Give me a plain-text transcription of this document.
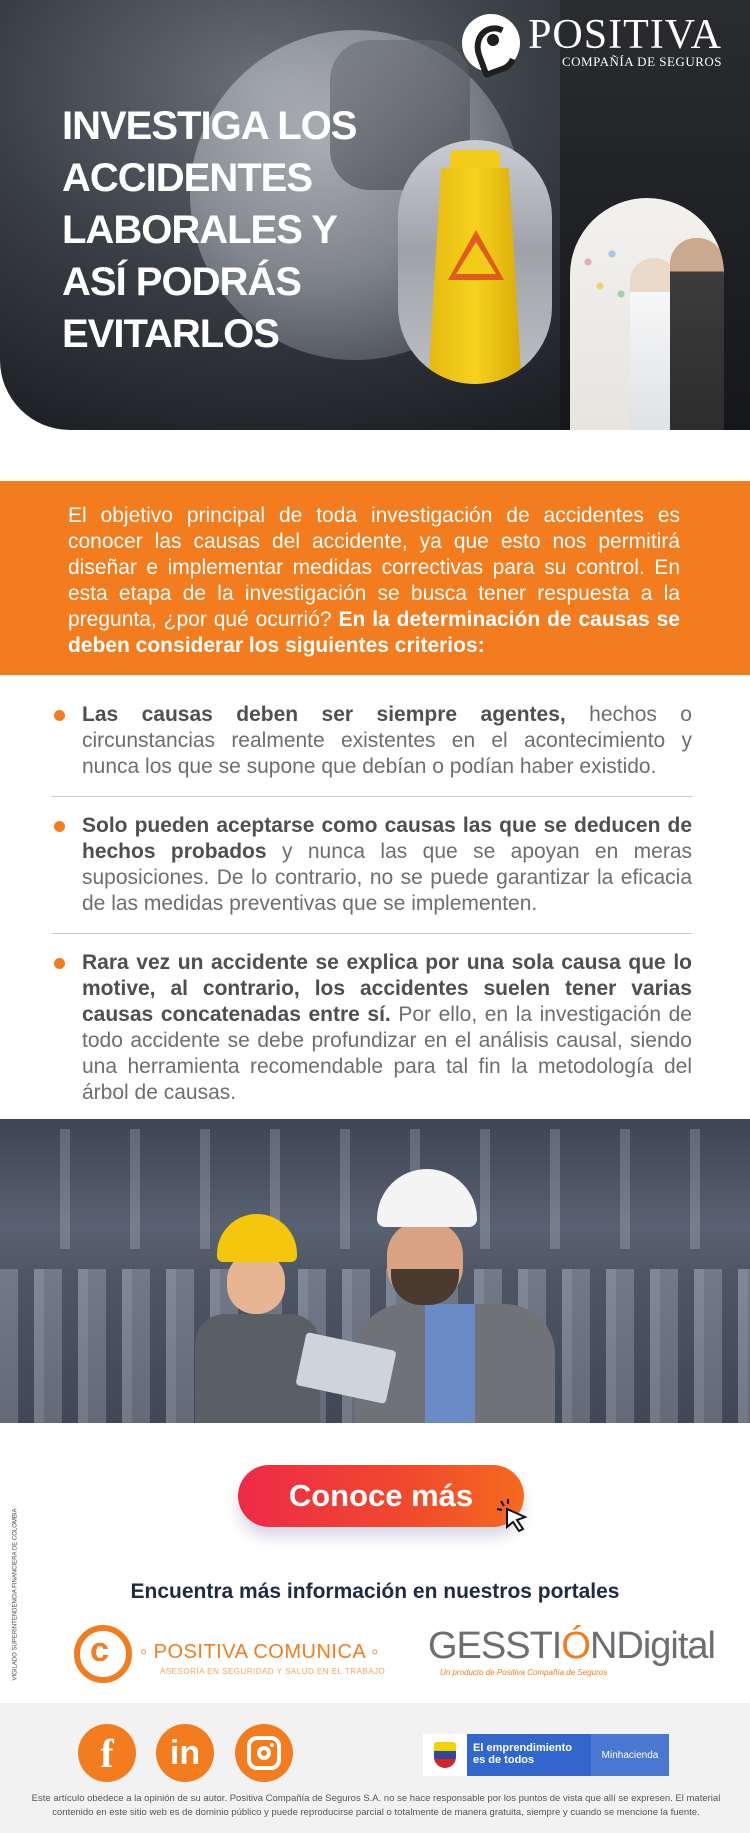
POSITIVA
COMPAÑÍA DE SEGUROS
INVESTIGA LOS ACCIDENTES LABORALES Y ASÍ PODRÁS EVITARLOS
El objetivo principal de toda investigación de accidentes es conocer las causas del accidente, ya que esto nos permitirá diseñar e implementar medidas correctivas para su control. En esta etapa de la investigación se busca tener respuesta a la pregunta, ¿por qué ocurrió? En la determinación de causas se deben considerar los siguientes criterios:
Las causas deben ser siempre agentes, hechos o circunstancias realmente existentes en el acontecimiento y nunca los que se supone que debían o podían haber existido.
Solo pueden aceptarse como causas las que se deducen de hechos probados y nunca las que se apoyan en meras suposiciones. De lo contrario, no se puede garantizar la eficacia de las medidas preventivas que se implementen.
Rara vez un accidente se explica por una sola causa que lo motive, al contrario, los accidentes suelen tener varias causas concatenadas entre sí. Por ello, en la investigación de todo accidente se debe profundizar en el análisis causal, siendo una herramienta recomendable para tal fin la metodología del árbol de causas.
Conoce más
VIGILADO SUPERINTENDENCIA FINANCIERA DE COLOMBIA	Encuentra más información en nuestros portales
c ◦ POSITIVA COMUNICA ◦
ASESORÍA EN SEGURIDAD Y SALUD EN EL TRABAJO
GESSTIÓNDigital
Un producto de Positiva Compañía de Seguros
f	in	El emprendimiento
es de todos	Minhacienda

Este artículo obedece a la opinión de su autor. Positiva Compañía de Seguros S.A. no se hace responsable por los puntos de vista que allí se expresen. El material contenido en este sitio web es de dominio público y puede reproducirse parcial o totalmente de manera gratuita, siempre y cuando se mencione la fuente.
